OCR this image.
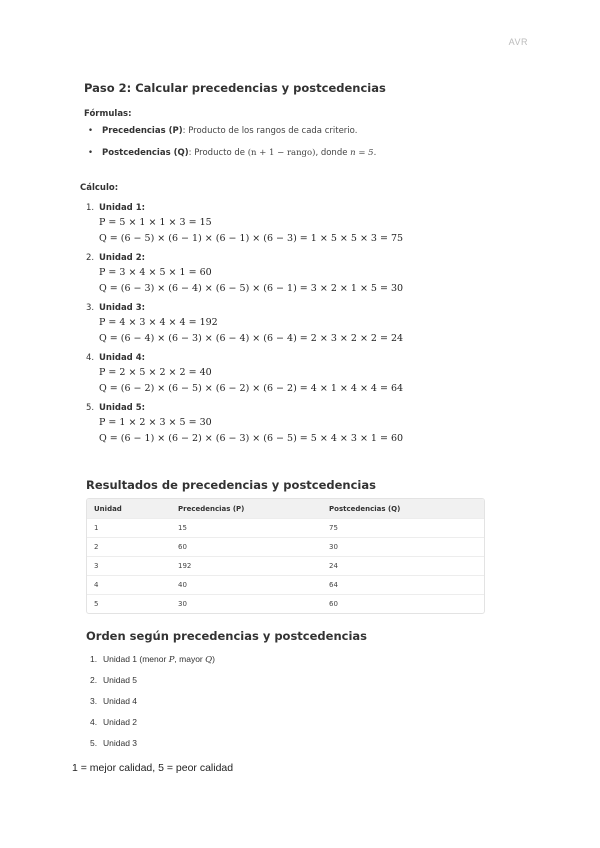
AVR
Paso 2: Calcular precedencias y postcedencias
Fórmulas:
• Precedencias (P): Producto de los rangos de cada criterio.
• Postcedencias (Q): Producto de (n + 1 − rango), donde n = 5.
Cálculo:
1. Unidad 1:
P = 5 × 1 × 1 × 3 = 15
Q = (6 − 5) × (6 − 1) × (6 − 1) × (6 − 3) = 1 × 5 × 5 × 3 = 75
2. Unidad 2:
P = 3 × 4 × 5 × 1 = 60
Q = (6 − 3) × (6 − 4) × (6 − 5) × (6 − 1) = 3 × 2 × 1 × 5 = 30
3. Unidad 3:
P = 4 × 3 × 4 × 4 = 192
Q = (6 − 4) × (6 − 3) × (6 − 4) × (6 − 4) = 2 × 3 × 2 × 2 = 24
4. Unidad 4:
P = 2 × 5 × 2 × 2 = 40
Q = (6 − 2) × (6 − 5) × (6 − 2) × (6 − 2) = 4 × 1 × 4 × 4 = 64
5. Unidad 5:
P = 1 × 2 × 3 × 5 = 30
Q = (6 − 1) × (6 − 2) × (6 − 3) × (6 − 5) = 5 × 4 × 3 × 1 = 60
Resultados de precedencias y postcedencias
Unidad	Precedencias (P)	Postcedencias (Q)
1	15	75
2	60	30
3	192	24
4	40	64
5	30	60
Orden según precedencias y postcedencias
1. Unidad 1 (menor P, mayor Q)
2. Unidad 5
3. Unidad 4
4. Unidad 2
5. Unidad 3
1 = mejor calidad, 5 = peor calidad
